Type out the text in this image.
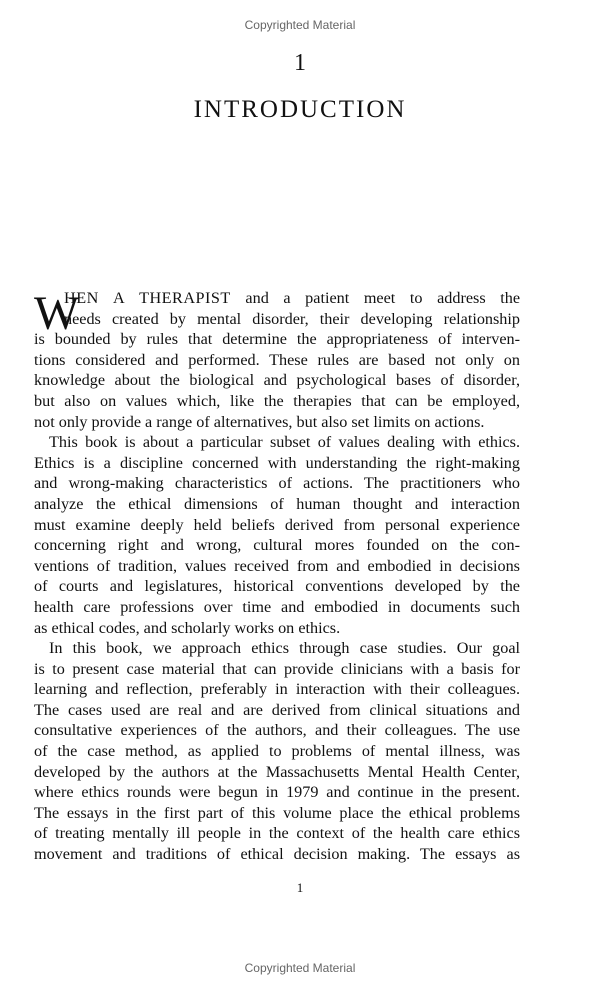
Copyrighted Material
1
INTRODUCTION
W
HEN A THERAPIST and a patient meet to address the
needs created by mental disorder, their developing relationship
is bounded by rules that determine the appropriateness of interven-
tions considered and performed. These rules are based not only on
knowledge about the biological and psychological bases of disorder,
but also on values which, like the therapies that can be employed,
not only provide a range of alternatives, but also set limits on actions.
This book is about a particular subset of values dealing with ethics.
Ethics is a discipline concerned with understanding the right-making
and wrong-making characteristics of actions. The practitioners who
analyze the ethical dimensions of human thought and interaction
must examine deeply held beliefs derived from personal experience
concerning right and wrong, cultural mores founded on the con-
ventions of tradition, values received from and embodied in decisions
of courts and legislatures, historical conventions developed by the
health care professions over time and embodied in documents such
as ethical codes, and scholarly works on ethics.
In this book, we approach ethics through case studies. Our goal
is to present case material that can provide clinicians with a basis for
learning and reflection, preferably in interaction with their colleagues.
The cases used are real and are derived from clinical situations and
consultative experiences of the authors, and their colleagues. The use
of the case method, as applied to problems of mental illness, was
developed by the authors at the Massachusetts Mental Health Center,
where ethics rounds were begun in 1979 and continue in the present.
The essays in the first part of this volume place the ethical problems
of treating mentally ill people in the context of the health care ethics
movement and traditions of ethical decision making. The essays as
1
Copyrighted Material
